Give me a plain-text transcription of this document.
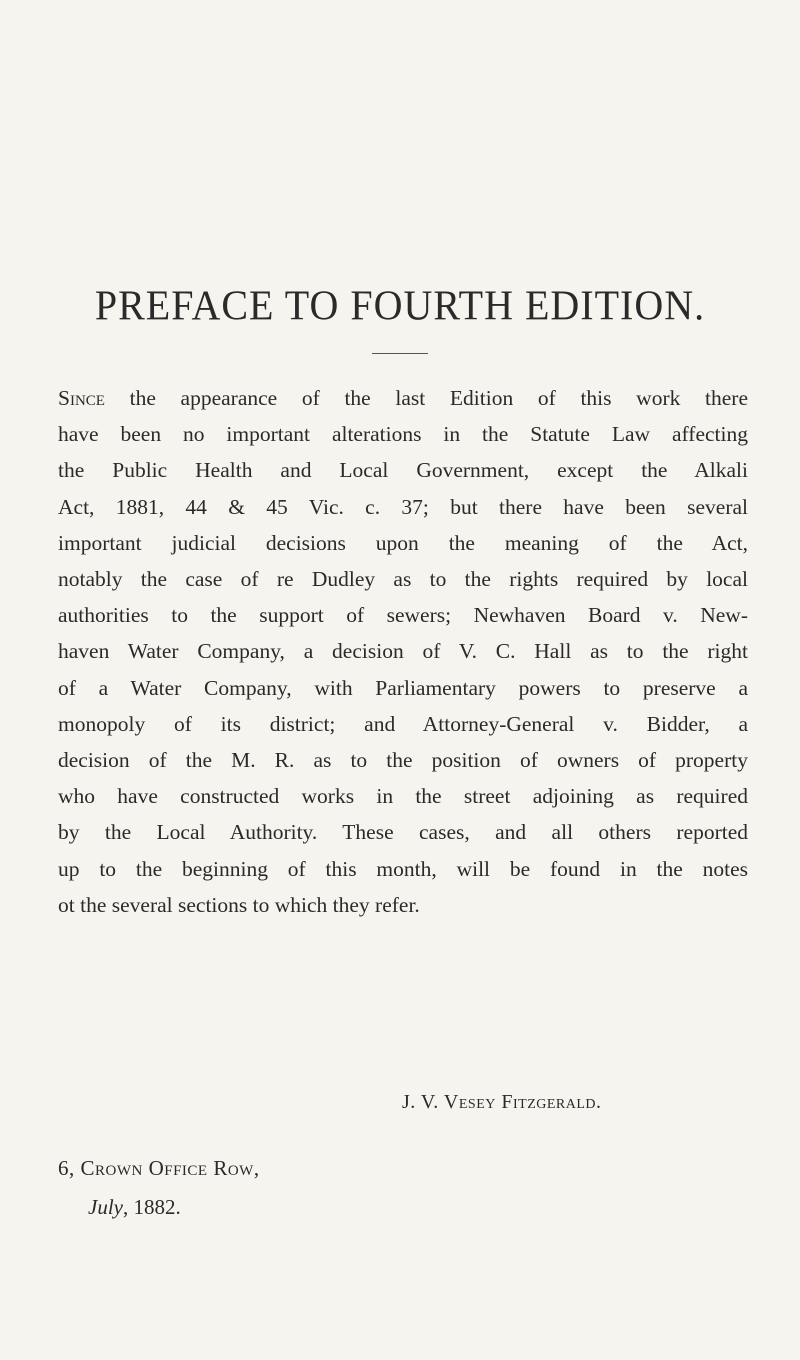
PREFACE TO FOURTH EDITION.
Since the appearance of the last Edition of this work there
have been no important alterations in the Statute Law affecting
the Public Health and Local Government, except the Alkali
Act, 1881, 44 & 45 Vic. c. 37; but there have been several
important judicial decisions upon the meaning of the Act,
notably the case of re Dudley as to the rights required by local
authorities to the support of sewers; Newhaven Board v. New-
haven Water Company, a decision of V. C. Hall as to the right
of a Water Company, with Parliamentary powers to preserve a
monopoly of its district; and Attorney-General v. Bidder, a
decision of the M. R. as to the position of owners of property
who have constructed works in the street adjoining as required
by the Local Authority. These cases, and all others reported
up to the beginning of this month, will be found in the notes
ot the several sections to which they refer.
J. V. Vesey Fitzgerald.
6, Crown Office Row,
July, 1882.
